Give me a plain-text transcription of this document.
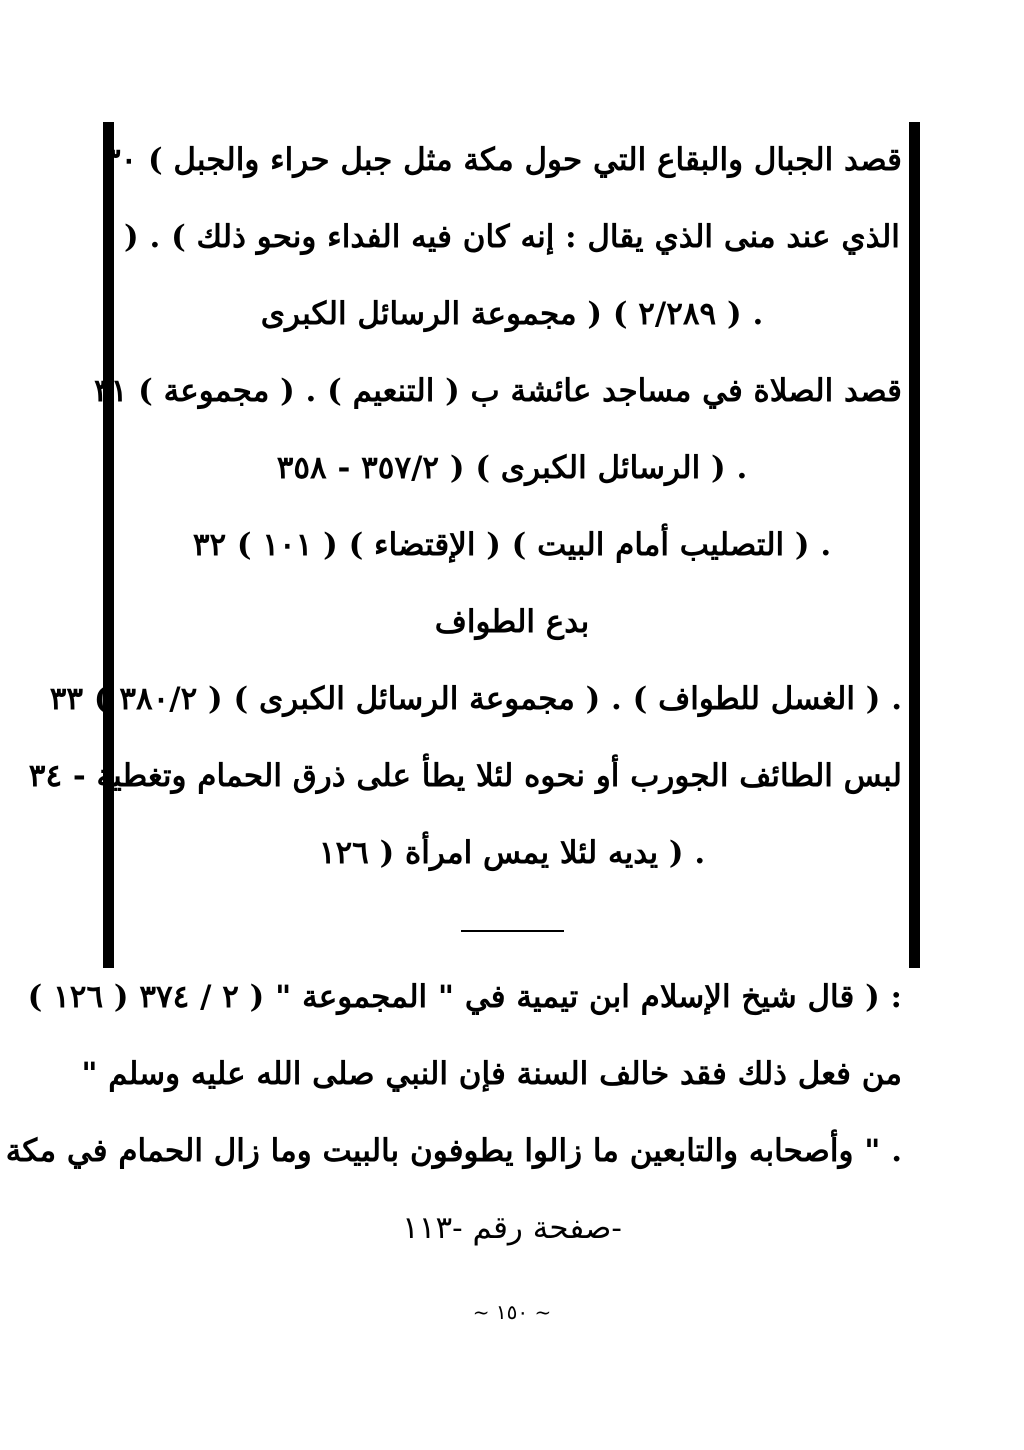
قصد الجبال والبقاع التي حول مكة مثل جبل حراء والجبل ) ٣٠
الذي عند منى الذي يقال : إنه كان فيه الفداء ونحو ذلك ) . (
. ( ٢/٢٨٩ ) ( مجموعة الرسائل الكبرى
قصد الصلاة في مساجد عائشة ب ( التنعيم ) . ( مجموعة ) ٣١
. ( الرسائل الكبرى ) ( ٣٥٧/٢ - ٣٥٨
. ( التصليب أمام البيت ) ( الإقتضاء ) ( ١٠١ ) ٣٢
بدع الطواف
. ( الغسل للطواف ) . ( مجموعة الرسائل الكبرى ) ( ٣٨٠/٢ ) ٣٣
لبس الطائف الجورب أو نحوه لئلا يطأ على ذرق الحمام وتغطية - ٣٤
. ( يديه لئلا يمس امرأة ( ١٢٦
: ( قال شيخ الإسلام ابن تيمية في " المجموعة " ( ٢ / ٣٧٤ ( ١٢٦ )
من فعل ذلك فقد خالف السنة فإن النبي صلى الله عليه وسلم "
. " وأصحابه والتابعين ما زالوا يطوفون بالبيت وما زال الحمام في مكة
-صفحة رقم -١١٣
~ ١٥٠ ~
